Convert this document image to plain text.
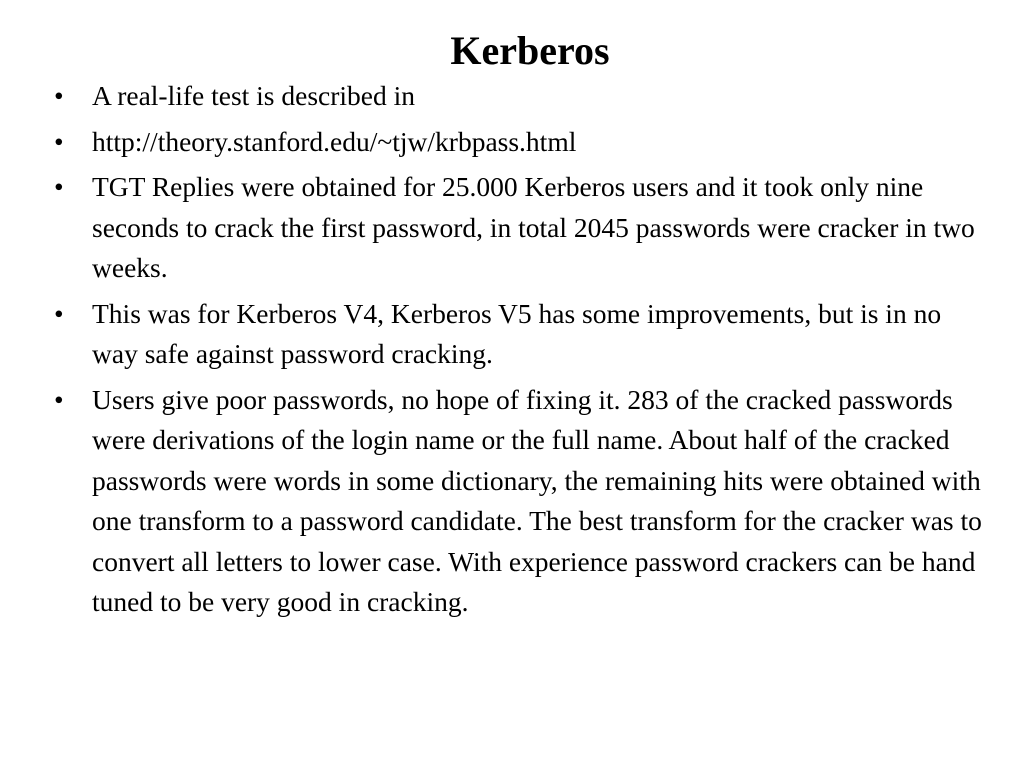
Kerberos
•	A real-life test is described in
•	http://theory.stanford.edu/~tjw/krbpass.html
•	TGT Replies were obtained for 25.000 Kerberos users and it took only nine seconds to crack the first password, in total 2045 passwords were cracker in two weeks.
•	This was for Kerberos V4, Kerberos V5 has some improvements, but is in no way safe against password cracking.
•	Users give poor passwords, no hope of fixing it. 283 of the cracked passwords were derivations of the login name or the full name. About half of the cracked passwords were words in some dictionary, the remaining hits were obtained with one transform to a password candidate. The best transform for the cracker was to convert all letters to lower case. With experience password crackers can be hand tuned to be very good in cracking.
